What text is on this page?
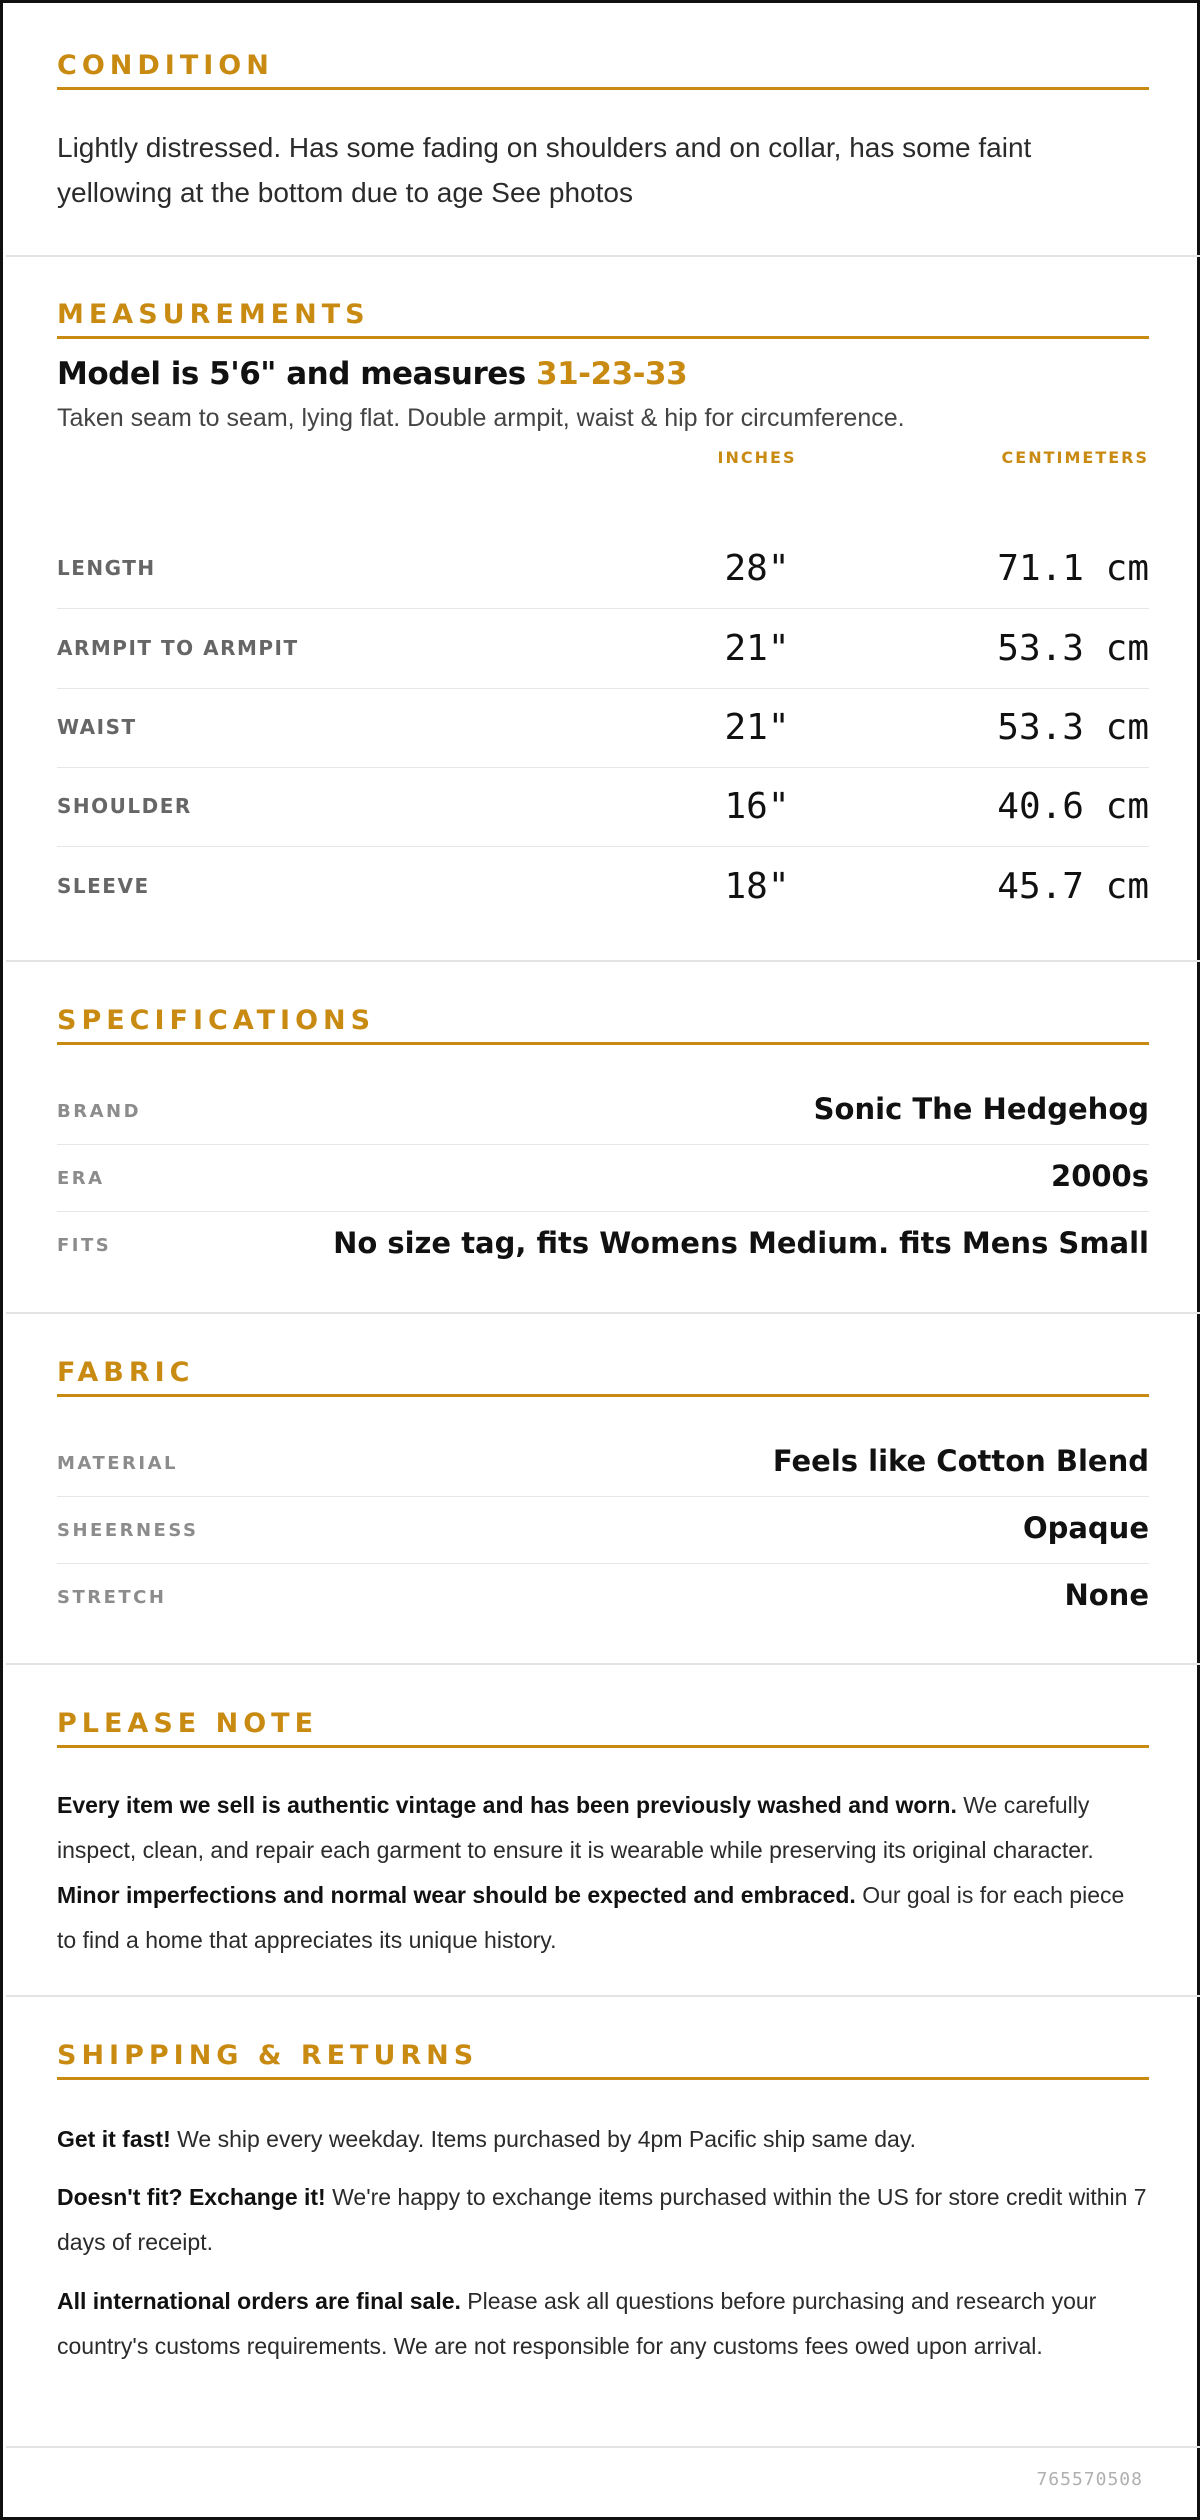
CONDITION
Lightly distressed. Has some fading on shoulders and on collar, has some faint yellowing at the bottom due to age See photos
MEASUREMENTS
Model is 5'6" and measures 31-23-33
Taken seam to seam, lying flat. Double armpit, waist & hip for circumference.
INCHES	CENTIMETERS
LENGTH	28"	71.1 cm
ARMPIT TO ARMPIT	21"	53.3 cm
WAIST	21"	53.3 cm
SHOULDER	16"	40.6 cm
SLEEVE	18"	45.7 cm
SPECIFICATIONS
BRAND	Sonic The Hedgehog
ERA	2000s
FITS	No size tag, fits Womens Medium. fits Mens Small
FABRIC
MATERIAL	Feels like Cotton Blend
SHEERNESS	Opaque
STRETCH	None
PLEASE NOTE
Every item we sell is authentic vintage and has been previously washed and worn. We carefully inspect, clean, and repair each garment to ensure it is wearable while preserving its original character. Minor imperfections and normal wear should be expected and embraced. Our goal is for each piece to find a home that appreciates its unique history.
SHIPPING & RETURNS
Get it fast! We ship every weekday. Items purchased by 4pm Pacific ship same day.
Doesn't fit? Exchange it! We're happy to exchange items purchased within the US for store credit within 7 days of receipt.
All international orders are final sale. Please ask all questions before purchasing and research your country's customs requirements. We are not responsible for any customs fees owed upon arrival.
765570508
